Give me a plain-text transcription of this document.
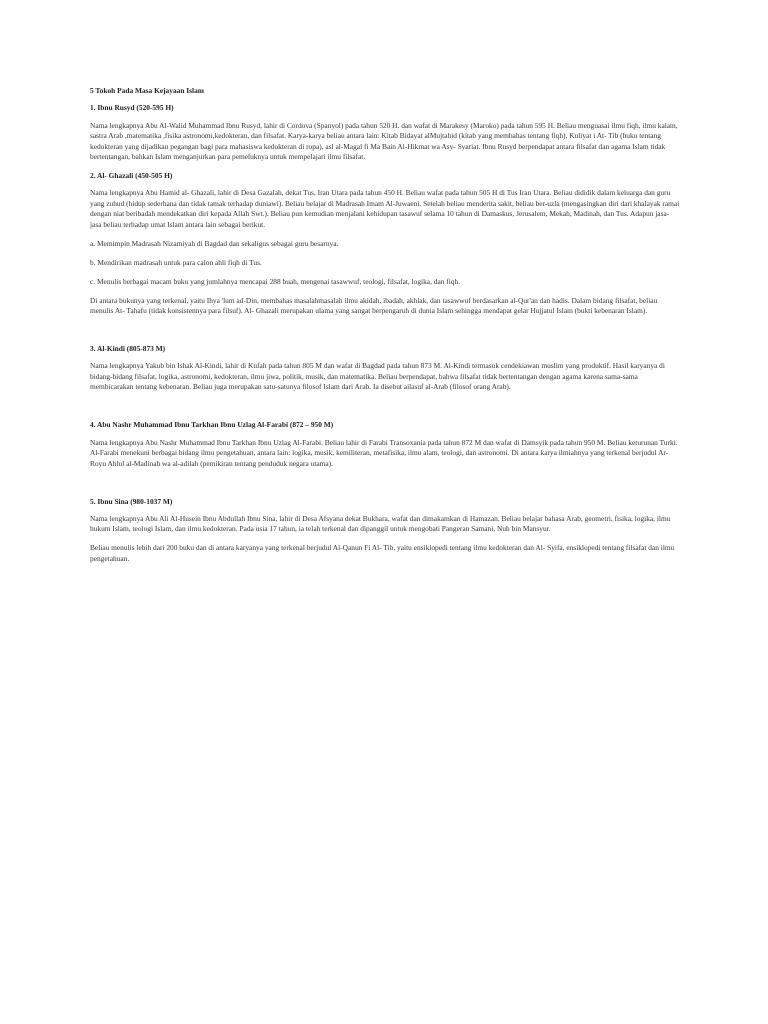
5 Tokoh Pada Masa Kejayaan Islam
1. Ibnu Rusyd (520-595 H)

Nama lengkapnya Abu Al-Walid Muhammad Ibnu Rusyd, lahir di Cordova (Spanyol) pada tahun 520 H. dan wafat di Marakesy (Maroko) pada tahun 595 H. Beliau menguasai ilmu fiqh, ilmu kalam, sastra Arab ,matematika ,fisika astronomi,kedokteran, dan filsafat. Karya-karya beliau antara lain: Kitab Bidayat alMujtahid (kitab yang membahas tentang fiqh), Kuliyat i At- Tib (buku tentang kedokteran yang dijadikan pegangan bagi para mahasiswa kedokteran di ropa), asl al-Magal fi Ma Bain Al-Hikmat wa Asy- Syariat. Ibnu Rusyd berpendapat antara filsafat dan agama Islam tidak bertentangan, bahkan Islam menganjurkan para pemeluknya untuk mempelajari ilmu filsafat.

2. Al- Ghazali (450-505 H)

Nama lengkapnya Abu Hamid al- Ghazali, lahir di Desa Gazalah, dekat Tus, Iran Utara pada tahun 450 H. Beliau wafat pada tahun 505 H di Tus Iran Utara. Beliau dididik dalam keluarga dan guru yang zuhud (hidup sederhana dan tidak tamak terhadap duniawi). Beliau belajar di Madrasah Imam Al-Juwaeni. Setelah beliau menderita sakit, beliau ber-uzla (mengasingkan diri dari khalayak ramai dengan niat beribadah mendekatkan diri kepada Allah Swt.). Beliau pun kemudian menjalani kehidupan tasawuf selama 10 tahun di Damaskus, Jerusalem, Mekah, Madinah, dan Tus. Adapun jasa-jasa beliau terhadap umat Islam antara lain sebagai berikut.

a. Memimpin Madrasah Nizamiyah di Bagdad dan sekaligus sebagai guru besarnya.

b. Mendirikan madrasah untuk para calon ahli fiqh di Tus.

c. Menulis berbagai macam buku yang jumlahnya mencapai 288 buah, mengenai tasawwuf, teologi, filsafat, logika, dan fiqh.

Di antara bukunya yang terkenal, yaitu Ihya 'lum ad-Din, membahas masalahmasalah ilmu akidah, ibadah, akhlak, dan tasawwuf berdasarkan al-Qur'an dan hadis. Dalam bidang filsafat, beliau menulis At- Tahafu (tidak konsistennya para filsuf). Al- Ghazali merupakan ulama yang sangat berpengaruh di dunia Islam sehingga mendapat gelar Hujjatul Islam (bukti kebenaran Islam).

3. Al-Kindi (805-873 M)

Nama lengkapnya Yakub bin Ishak Al-Kindi, lahir di Kufah pada tahun 805 M dan wafat di Bagdad pada tahun 873 M. Al-Kindi termasuk cendekiawan muslim yang produktif. Hasil karyanya di bidang-bidang filsafat, logika, astronomi, kedokteran, ilmu jiwa, politik, musik, dan matematika. Beliau berpendapat, bahwa filsafat tidak bertentangan dengan agama karena sama-sama membicarakan tentang kebenaran. Beliau juga merupakan satu-satunya filosof Islam dari Arab. Ia disebut ailasuf al-Arab (filosof orang Arab).

4. Abu Nashr Muhammad Ibnu Tarkhan Ibnu Uzlag Al-Farabi (872 – 950 M)

Nama lengkapnya Abu Nashr Muhammad Ibnu Tarkhan Ibnu Uzlag Al-Farabi. Beliau lahir di Farabi Transoxania pada tahun 872 M dan wafat di Damsyik pada tahun 950 M. Beliau keturunan Turki. Al-Farabi menekuni berbagai bidang ilmu pengetahuan, antara lain: logika, musik, kemiliteran, metafisika, ilmu alam, teologi, dan astronomi. Di antara karya ilmiahnya yang terkenal berjudul Ar-Royu Ahlul al-Madinah wa al-adilah (pemikiran tentang penduduk negara utama).

5. Ibnu Sina (980-1037 M)

Nama lengkapnya Abu Ali Al-Husein Ibnu Abdullah Ibnu Sina, lahir di Desa Afsyana dekat Bukhara, wafat dan dimakamkan di Hamazan. Beliau belajar bahasa Arab, geometri, fisika, logika, ilmu hukum Islam, teologi Islam, dan ilmu kedokteran. Pada usia 17 tahun, ia telah terkenal dan dipanggil untuk mengobati Pangeran Samani, Nuh bin Mansyur.

Beliau menulis lebih dari 200 buku dan di antara karyanya yang terkenal berjudul Al-Qanun Fi Al- Tib, yaitu ensiklopedi tentang ilmu kedokteran dan Al- Syifa, ensiklopedi tentang filsafat dan ilmu pengetahuan.
